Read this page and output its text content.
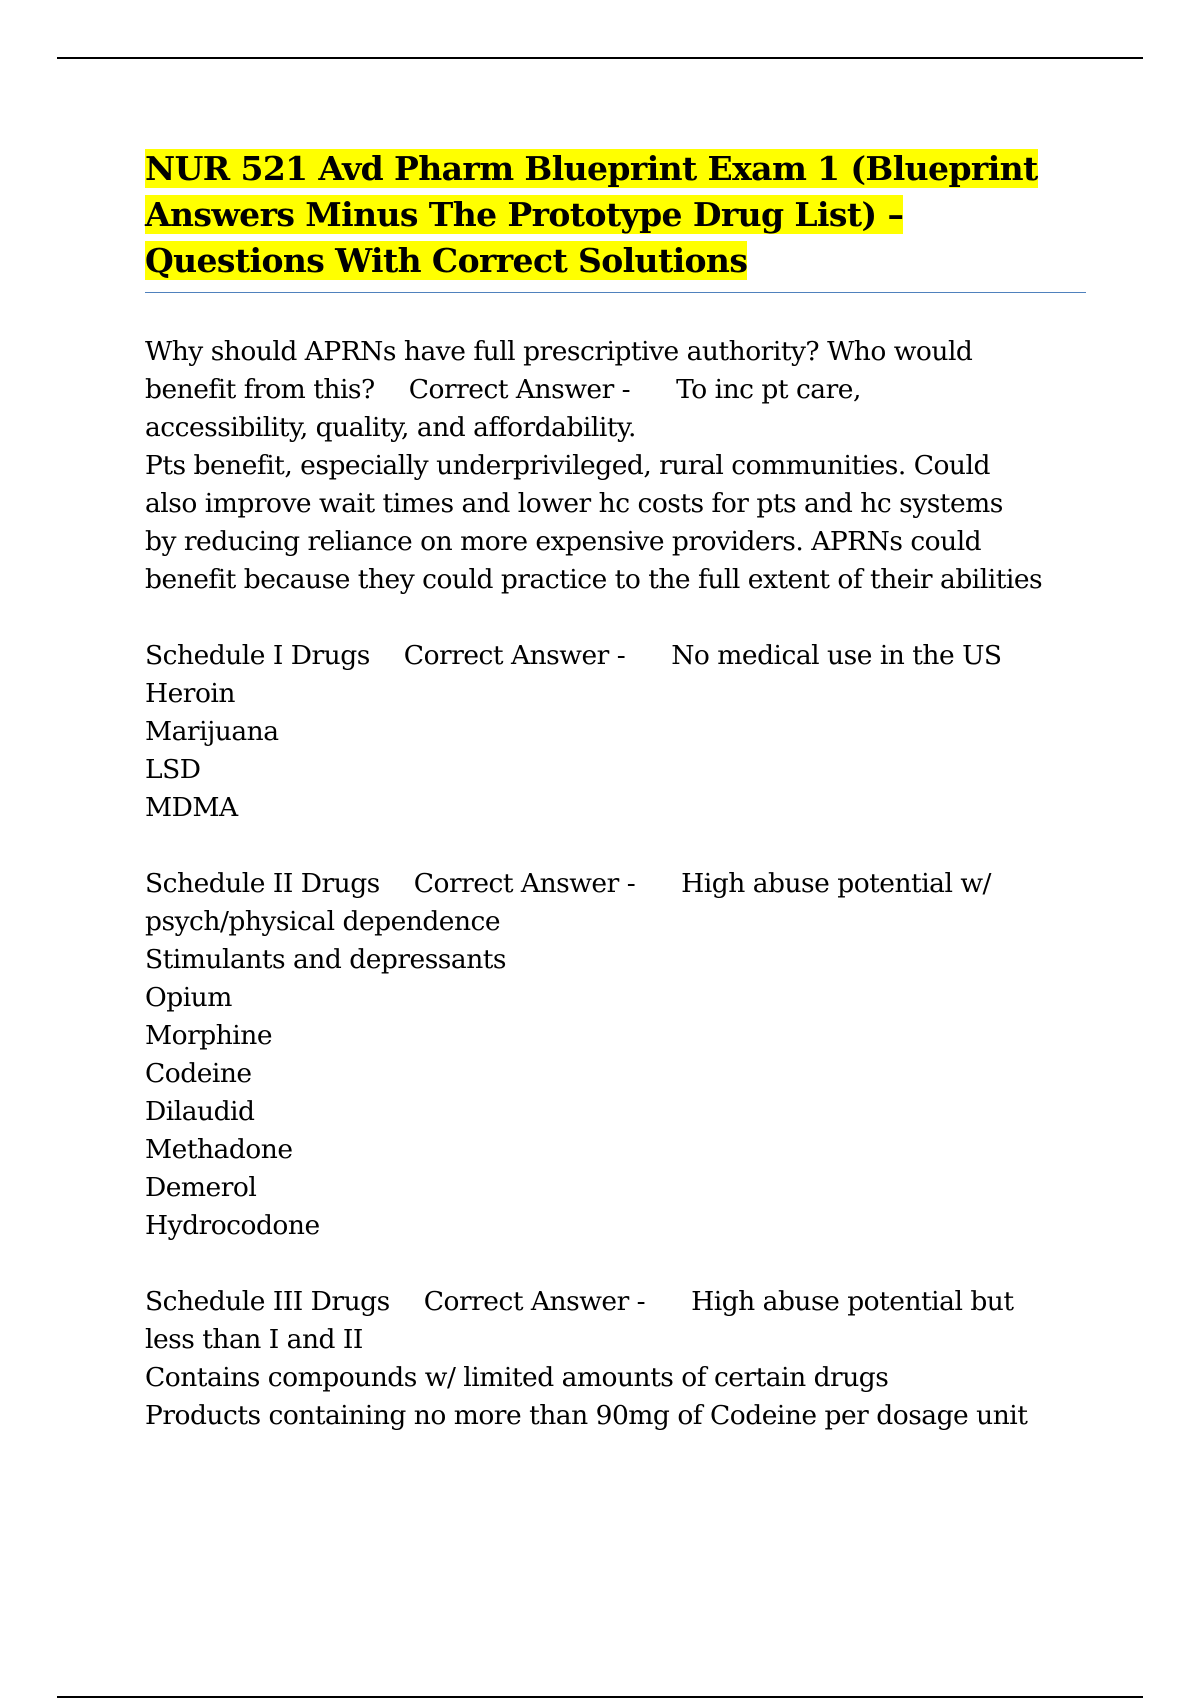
NUR 521 Avd Pharm Blueprint Exam 1 (Blueprint
Answers Minus The Prototype Drug List) –
Questions With Correct Solutions
Why should APRNs have full prescriptive authority? Who would
benefit from this? Correct Answer - To inc pt care,
accessibility, quality, and affordability.
Pts benefit, especially underprivileged, rural communities. Could
also improve wait times and lower hc costs for pts and hc systems
by reducing reliance on more expensive providers. APRNs could
benefit because they could practice to the full extent of their abilities
Schedule I Drugs Correct Answer - No medical use in the US
Heroin
Marijuana
LSD
MDMA
Schedule II Drugs Correct Answer - High abuse potential w/
psych/physical dependence
Stimulants and depressants
Opium
Morphine
Codeine
Dilaudid
Methadone
Demerol
Hydrocodone
Schedule III Drugs Correct Answer - High abuse potential but
less than I and II
Contains compounds w/ limited amounts of certain drugs
Products containing no more than 90mg of Codeine per dosage unit
